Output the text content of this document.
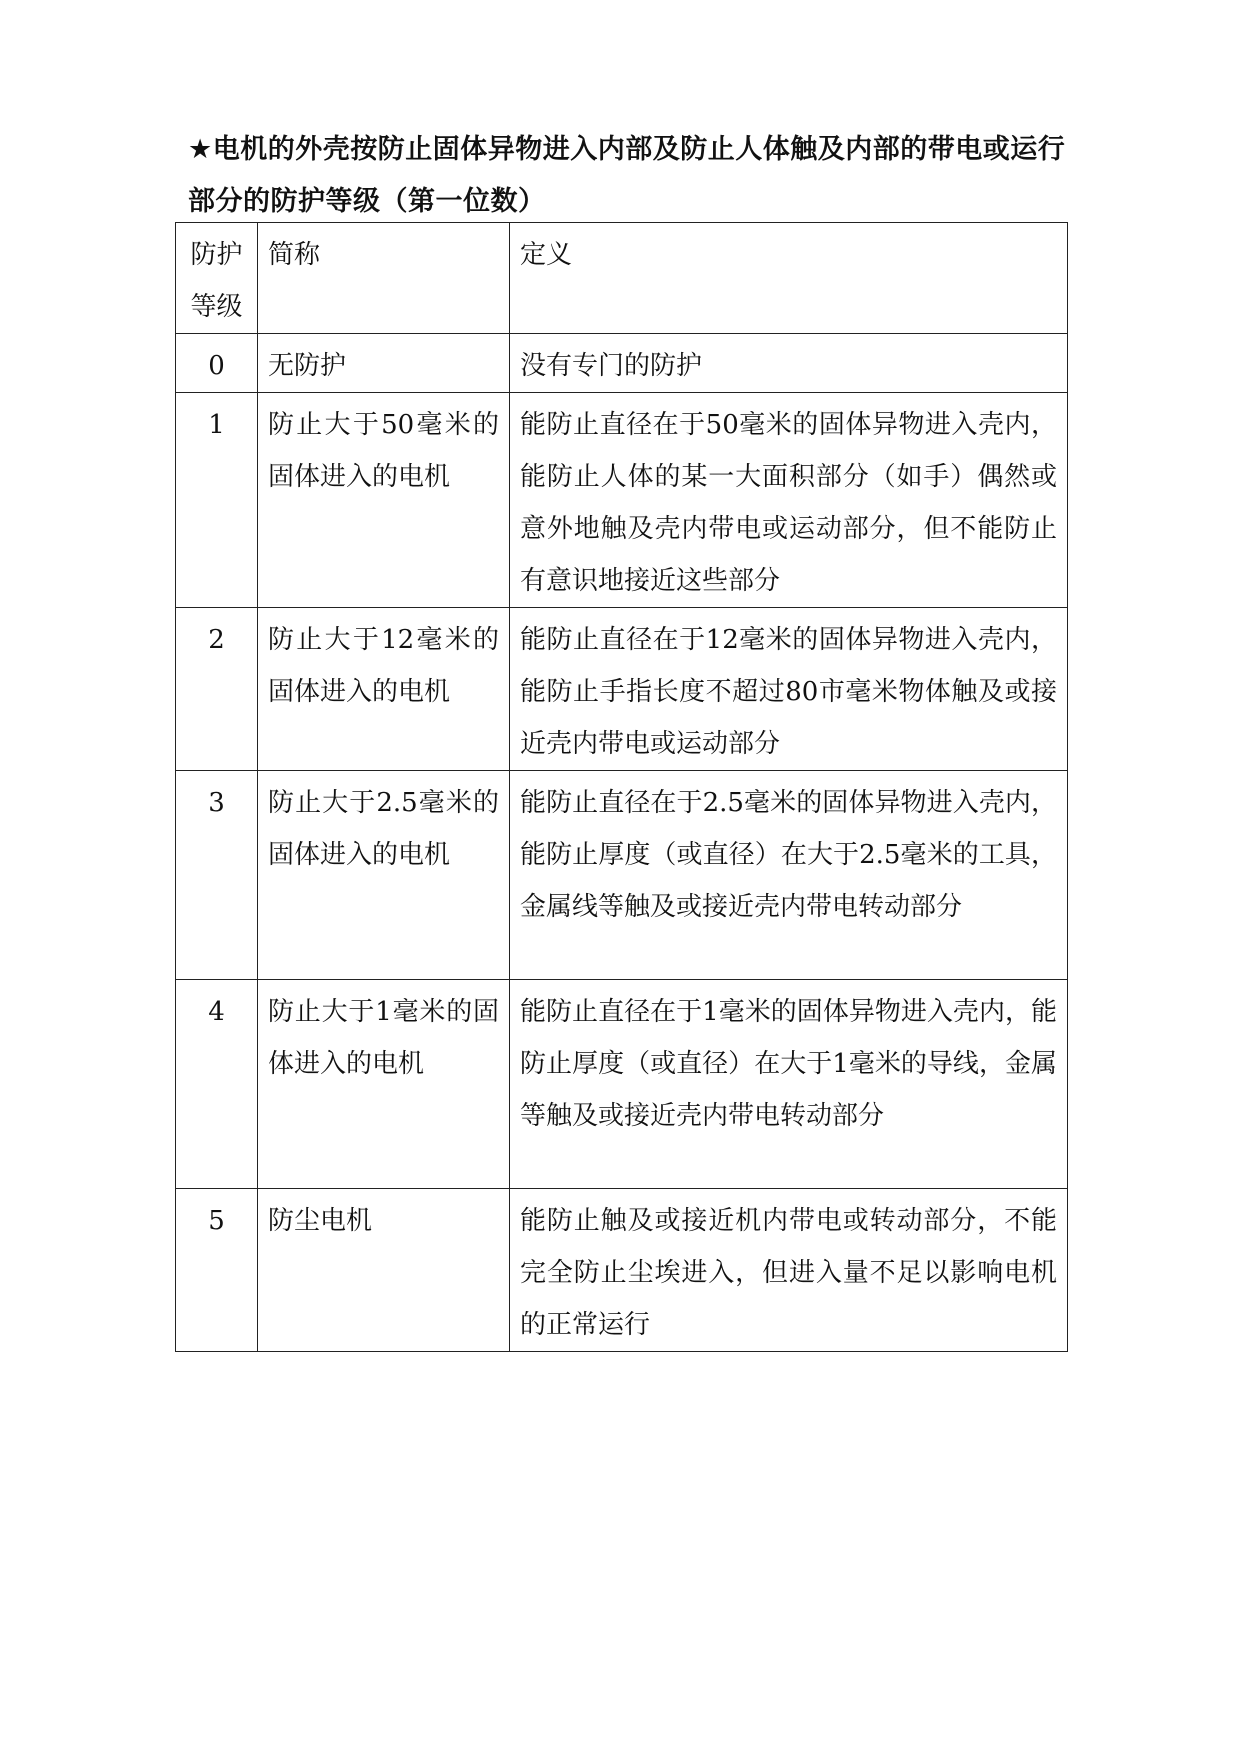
★电机的外壳按防止固体异物进入内部及防止人体触及内部的带电或运行部分的防护等级（第一位数）
防护等级	简称	定义
0	无防护	没有专门的防护
1	防止大于50毫米的固体进入的电机	能防止直径在于50毫米的固体异物进入壳内，能防止人体的某一大面积部分（如手）偶然或意外地触及壳内带电或运动部分，但不能防止有意识地接近这些部分
2	防止大于12毫米的固体进入的电机	能防止直径在于12毫米的固体异物进入壳内，能防止手指长度不超过80市毫米物体触及或接近壳内带电或运动部分
3	防止大于2.5毫米的固体进入的电机	能防止直径在于2.5毫米的固体异物进入壳内，能防止厚度（或直径）在大于2.5毫米的工具，金属线等触及或接近壳内带电转动部分
4	防止大于1毫米的固体进入的电机	能防止直径在于1毫米的固体异物进入壳内，能防止厚度（或直径）在大于1毫米的导线，金属等触及或接近壳内带电转动部分
5	防尘电机	能防止触及或接近机内带电或转动部分，不能完全防止尘埃进入，但进入量不足以影响电机的正常运行
